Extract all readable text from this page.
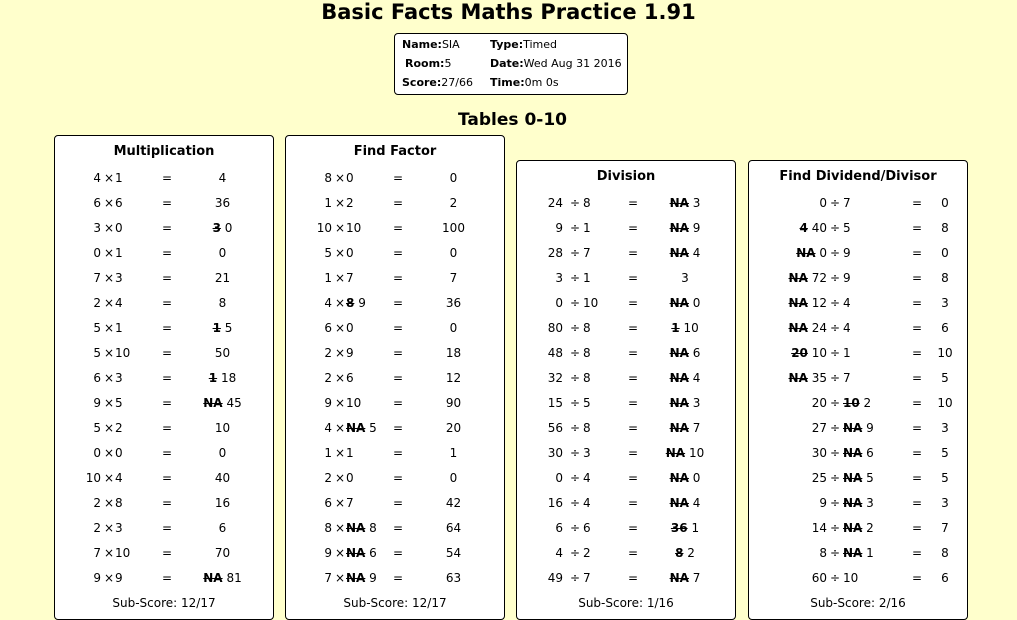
Basic Facts Maths Practice 1.91
Name:SIA
Room:5
Score:27/66
Type:Timed
Date:Wed Aug 31 2016
Time:0m 0s
Tables 0-10
Multiplication
4 × 1	=	4
6 × 6	=	36
3 × 0	=	3 0
0 × 1	=	0
7 × 3	=	21
2 × 4	=	8
5 × 1	=	1 5
5 × 10	=	50
6 × 3	=	1 18
9 × 5	=	NA 45
5 × 2	=	10
0 × 0	=	0
10 × 4	=	40
2 × 8	=	16
2 × 3	=	6
7 × 10	=	70
9 × 9	=	NA 81
Sub-Score: 12/17
Find Factor
8 × 0	=	0
1 × 2	=	2
10 × 10	=	100
5 × 0	=	0
1 × 7	=	7
4 × 8 9	=	36
6 × 0	=	0
2 × 9	=	18
2 × 6	=	12
9 × 10	=	90
4 × NA 5 =	20
1 × 1	=	1
2 × 0	=	0
6 × 7	=	42
8 × NA 8 =	64
9 × NA 6 =	54
7 × NA 9 =	63
Sub-Score: 12/17
Division
24 ÷ 8	=	NA 3
9 ÷ 1	=	NA 9
28 ÷ 7	=	NA 4
3 ÷ 1	=	3
0 ÷ 10	=	NA 0
80 ÷ 8	=	1 10
48 ÷ 8	=	NA 6
32 ÷ 8	=	NA 4
15 ÷ 5	=	NA 3
56 ÷ 8	=	NA 7
30 ÷ 3	=	NA 10
0 ÷ 4	=	NA 0
16 ÷ 4	=	NA 4
6 ÷ 6	=	36 1
4 ÷ 2	=	8 2
49 ÷ 7	=	NA 7
Sub-Score: 1/16
Find Dividend/Divisor
0 ÷ 7	=	0
4 40 ÷ 5	=	8
NA 0 ÷ 9	=	0
NA 72 ÷ 9	=	8
NA 12 ÷ 4	=	3
NA 24 ÷ 4	=	6
20 10 ÷ 1	=	10
NA 35 ÷ 7	=	5
20 ÷ 10 2	=	10
27 ÷ NA 9	=	3
30 ÷ NA 6	=	5
25 ÷ NA 5	=	5
9 ÷ NA 3	=	3
14 ÷ NA 2	=	7
8 ÷ NA 1	=	8
60 ÷ 10	=	6
Sub-Score: 2/16
